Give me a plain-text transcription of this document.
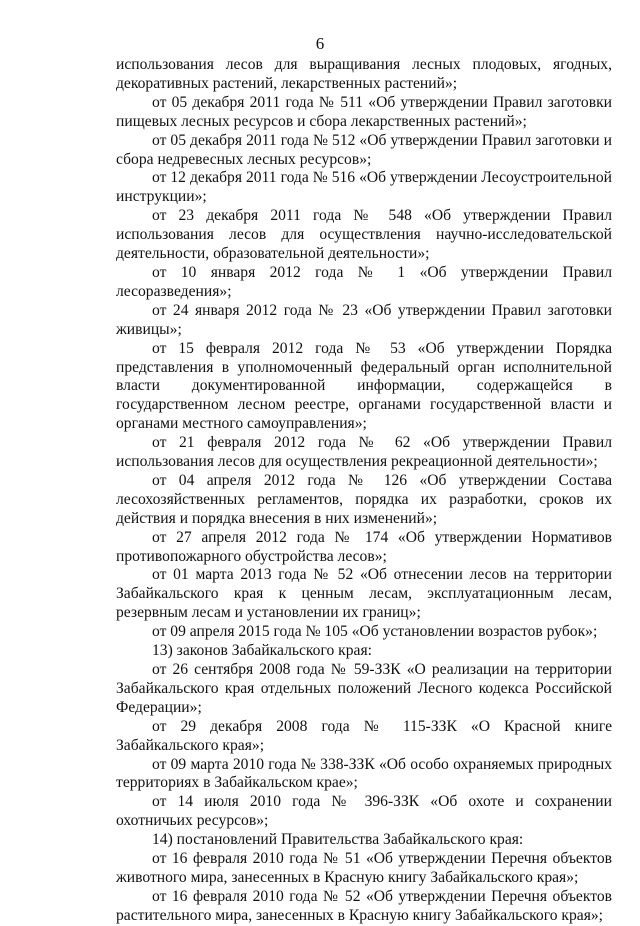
6

использования лесов для выращивания лесных плодовых, ягодных, декоративных растений, лекарственных растений»;

от 05 декабря 2011 года № 511 «Об утверждении Правил заготовки пищевых лесных ресурсов и сбора лекарственных растений»;

от 05 декабря 2011 года № 512 «Об утверждении Правил заготовки и сбора недревесных лесных ресурсов»;

от 12 декабря 2011 года № 516 «Об утверждении Лесоустроительной инструкции»;

от 23 декабря 2011 года № 548 «Об утверждении Правил использования лесов для осуществления научно-исследовательской деятельности, образовательной деятельности»;

от 10 января 2012 года № 1 «Об утверждении Правил лесоразведения»;

от 24 января 2012 года № 23 «Об утверждении Правил заготовки живицы»;

от 15 февраля 2012 года № 53 «Об утверждении Порядка представления в уполномоченный федеральный орган исполнительной власти документированной информации, содержащейся в государственном лесном реестре, органами государственной власти и органами местного самоуправления»;

от 21 февраля 2012 года № 62 «Об утверждении Правил использования лесов для осуществления рекреационной деятельности»;

от 04 апреля 2012 года № 126 «Об утверждении Состава лесохозяйственных регламентов, порядка их разработки, сроков их действия и порядка внесения в них изменений»;

от 27 апреля 2012 года № 174 «Об утверждении Нормативов противопожарного обустройства лесов»;

от 01 марта 2013 года № 52 «Об отнесении лесов на территории Забайкальского края к ценным лесам, эксплуатационным лесам, резервным лесам и установлении их границ»;

от 09 апреля 2015 года № 105 «Об установлении возрастов рубок»;

13) законов Забайкальского края:

от 26 сентября 2008 года № 59-ЗЗК «О реализации на территории Забайкальского края отдельных положений Лесного кодекса Российской Федерации»;

от 29 декабря 2008 года № 115-ЗЗК «О Красной книге Забайкальского края»;

от 09 марта 2010 года № 338-ЗЗК «Об особо охраняемых природных территориях в Забайкальском крае»;

от 14 июля 2010 года № 396-ЗЗК «Об охоте и сохранении охотничьих ресурсов»;

14) постановлений Правительства Забайкальского края:

от 16 февраля 2010 года № 51 «Об утверждении Перечня объектов животного мира, занесенных в Красную книгу Забайкальского края»;

от 16 февраля 2010 года № 52 «Об утверждении Перечня объектов растительного мира, занесенных в Красную книгу Забайкальского края»;
